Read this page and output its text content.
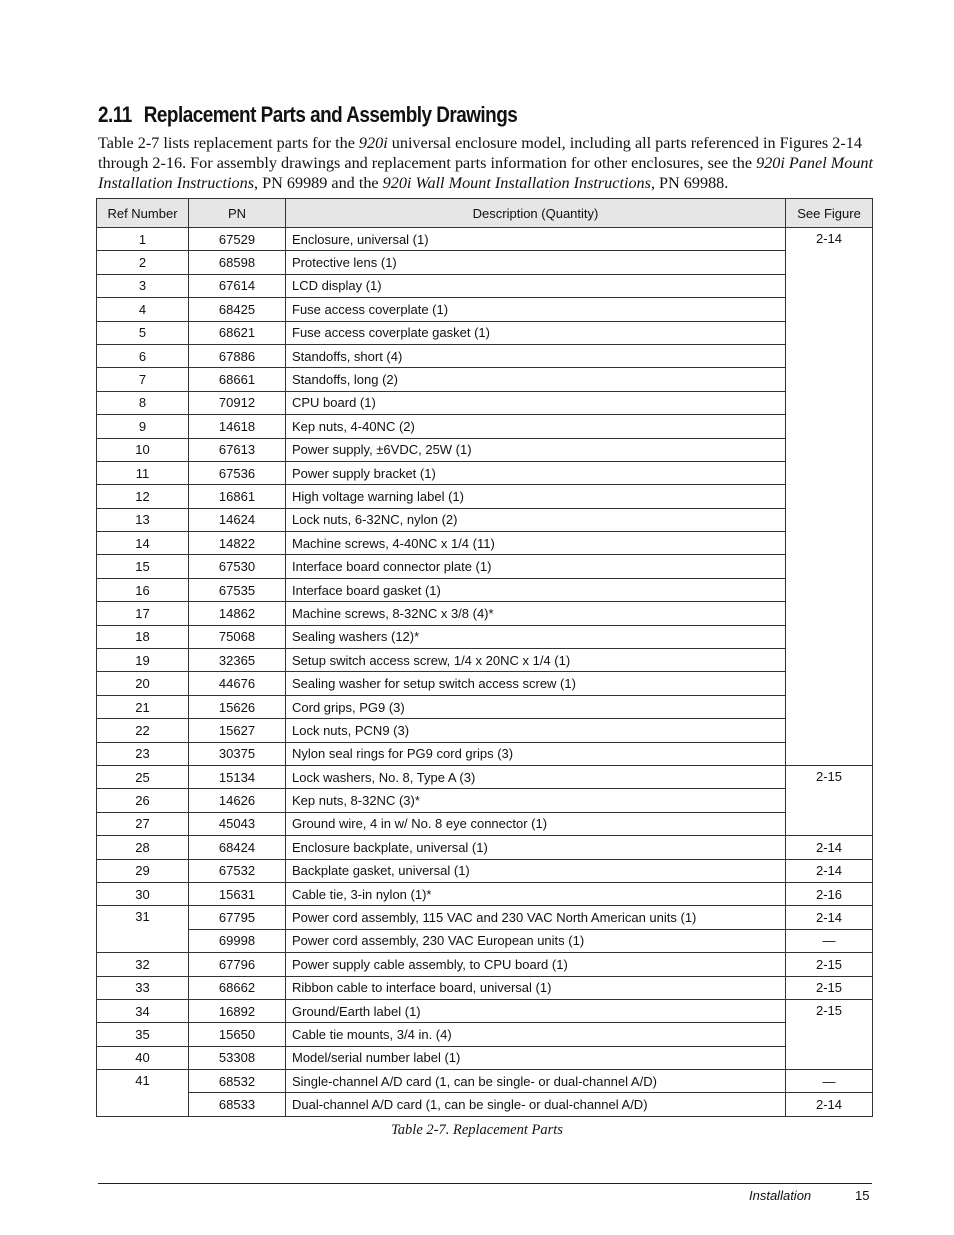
2.11 Replacement Parts and Assembly Drawings

Table 2-7 lists replacement parts for the 920i universal enclosure model, including all parts referenced in Figures 2-14 through 2-16. For assembly drawings and replacement parts information for other enclosures, see the 920i Panel Mount Installation Instructions, PN 69989 and the 920i Wall Mount Installation Instructions, PN 69988.

Ref Number	PN	Description (Quantity)	See Figure
1	67529	Enclosure, universal (1)	2-14
2	68598	Protective lens (1)	
3	67614	LCD display (1)	
4	68425	Fuse access coverplate (1)	
5	68621	Fuse access coverplate gasket (1)	
6	67886	Standoffs, short (4)	
7	68661	Standoffs, long (2)	
8	70912	CPU board (1)	
9	14618	Kep nuts, 4-40NC (2)	
10	67613	Power supply, ±6VDC, 25W (1)	
11	67536	Power supply bracket (1)	
12	16861	High voltage warning label (1)	
13	14624	Lock nuts, 6-32NC, nylon (2)	
14	14822	Machine screws, 4-40NC x 1/4 (11)	
15	67530	Interface board connector plate (1)	
16	67535	Interface board gasket (1)	
17	14862	Machine screws, 8-32NC x 3/8 (4)*	
18	75068	Sealing washers (12)*	
19	32365	Setup switch access screw, 1/4 x 20NC x 1/4 (1)	
20	44676	Sealing washer for setup switch access screw (1)	
21	15626	Cord grips, PG9 (3)	
22	15627	Lock nuts, PCN9 (3)	
23	30375	Nylon seal rings for PG9 cord grips (3)	
25	15134	Lock washers, No. 8, Type A (3)	2-15
26	14626	Kep nuts, 8-32NC (3)*	
27	45043	Ground wire, 4 in w/ No. 8 eye connector (1)	
28	68424	Enclosure backplate, universal (1)	2-14
29	67532	Backplate gasket, universal (1)	2-14
30	15631	Cable tie, 3-in nylon (1)*	2-16
31	67795	Power cord assembly, 115 VAC and 230 VAC North American units (1)	2-14
	69998	Power cord assembly, 230 VAC European units (1)	—
32	67796	Power supply cable assembly, to CPU board (1)	2-15
33	68662	Ribbon cable to interface board, universal (1)	2-15
34	16892	Ground/Earth label (1)	2-15
35	15650	Cable tie mounts, 3/4 in. (4)	
40	53308	Model/serial number label (1)	
41	68532	Single-channel A/D card (1, can be single- or dual-channel A/D)	—
	68533	Dual-channel A/D card (1, can be single- or dual-channel A/D)	2-14
Table 2-7. Replacement Parts
Installation	15
